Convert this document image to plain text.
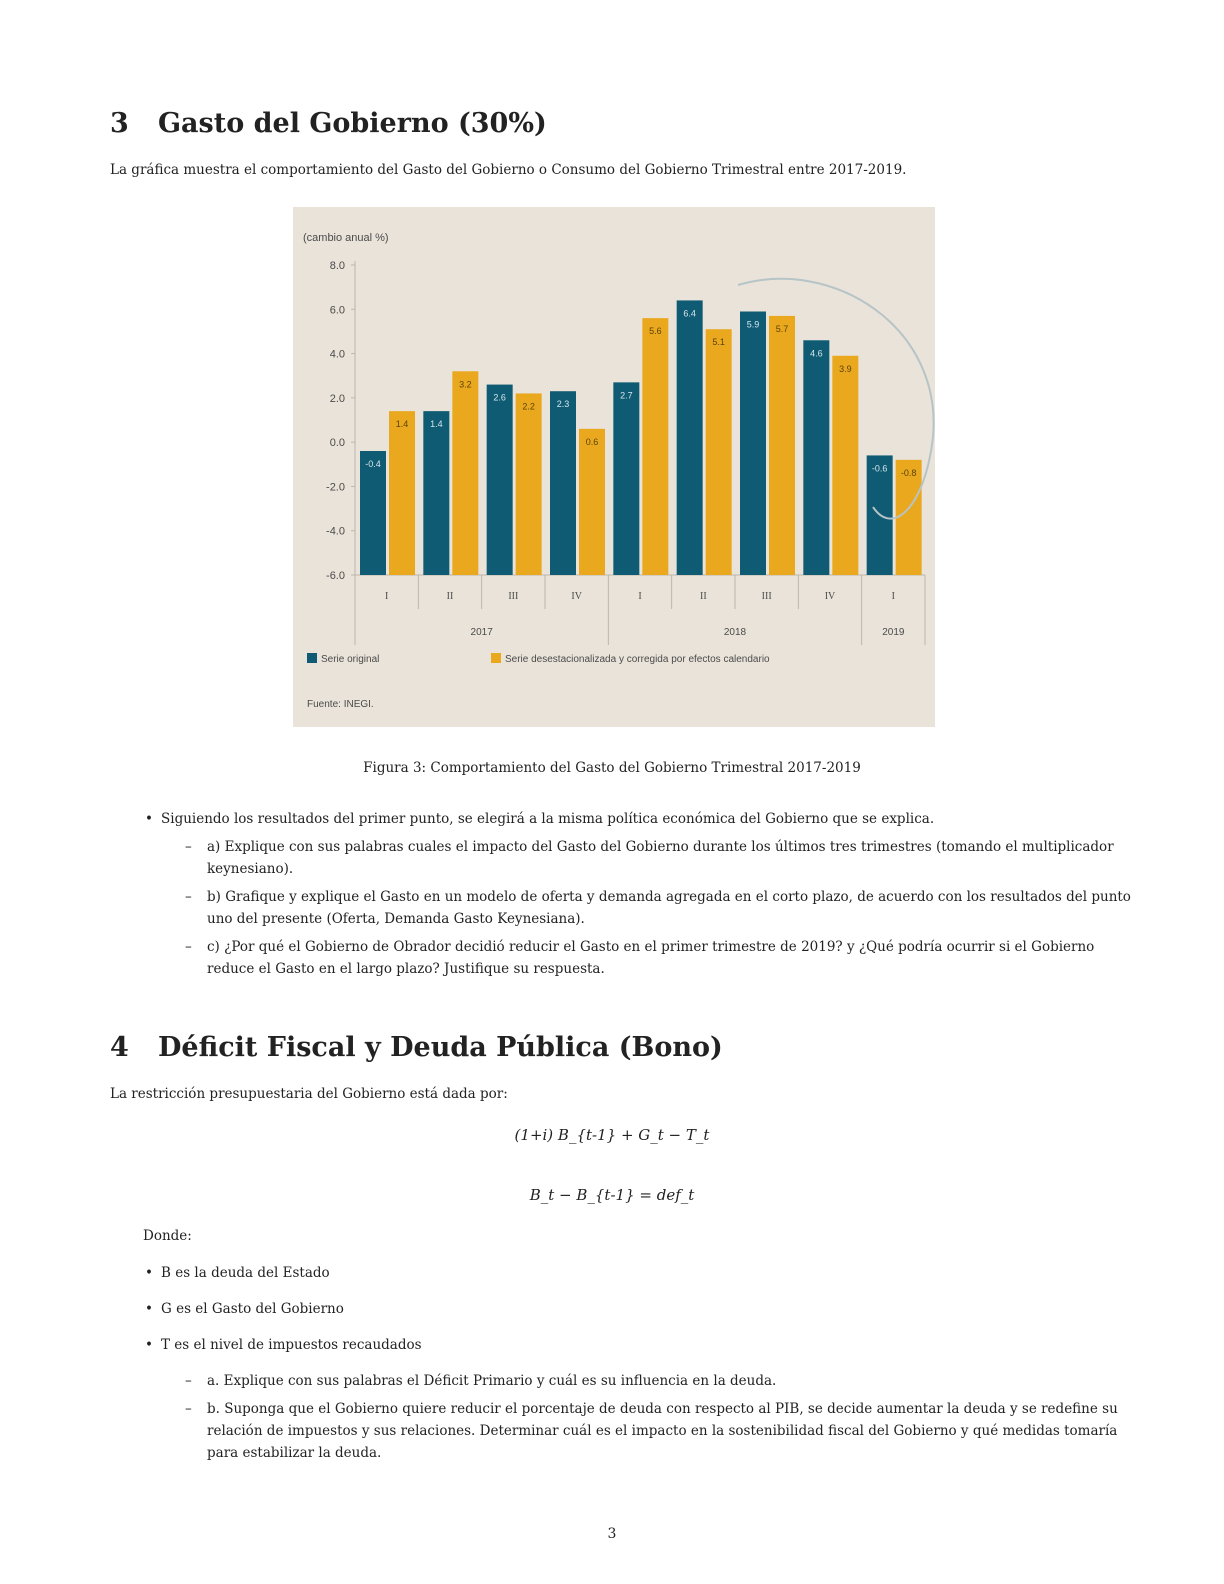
3 Gasto del Gobierno (30%)
La gráfica muestra el comportamiento del Gasto del Gobierno o Consumo del Gobierno Trimestral entre 2017-2019.
(cambio anual %)
-6.0
-4.0
-2.0
0.0
2.0
4.0
6.0
8.0
-0.4
1.4
I
1.4
3.2
II
2.6
2.2
III
2.3
0.6
IV
2.7
5.6
I
6.4
5.1
II
5.9 5.7
III
4.6
3.9
IV
-0.6 -0.8
I
2017	2018	2019
Serie original	Serie desestacionalizada y corregida por efectos calendario
Fuente: INEGI.
Figura 3: Comportamiento del Gasto del Gobierno Trimestral 2017-2019
• Siguiendo los resultados del primer punto, se elegirá a la misma política económica del Gobierno que se explica.
– a) Explique con sus palabras cuales el impacto del Gasto del Gobierno durante los últimos tres trimestres (tomando el multiplicador keynesiano).
– b) Grafique y explique el Gasto en un modelo de oferta y demanda agregada en el corto plazo, de acuerdo con los resultados del punto uno del presente (Oferta, Demanda Gasto Keynesiana).
– c) ¿Por qué el Gobierno de Obrador decidió reducir el Gasto en el primer trimestre de 2019? y ¿Qué podría ocurrir si el Gobierno reduce el Gasto en el largo plazo? Justifique su respuesta.
4 Déficit Fiscal y Deuda Pública (Bono)
La restricción presupuestaria del Gobierno está dada por:
(1+i) B_{t-1} + G_t − T_t
B_t − B_{t-1} = def_t
Donde:
• B es la deuda del Estado
• G es el Gasto del Gobierno
• T es el nivel de impuestos recaudados
– a. Explique con sus palabras el Déficit Primario y cuál es su influencia en la deuda.
– b. Suponga que el Gobierno quiere reducir el porcentaje de deuda con respecto al PIB, se decide aumentar la deuda y se redefine su relación de impuestos y sus relaciones. Determinar cuál es el impacto en la sostenibilidad fiscal del Gobierno y qué medidas tomaría para estabilizar la deuda.
3
